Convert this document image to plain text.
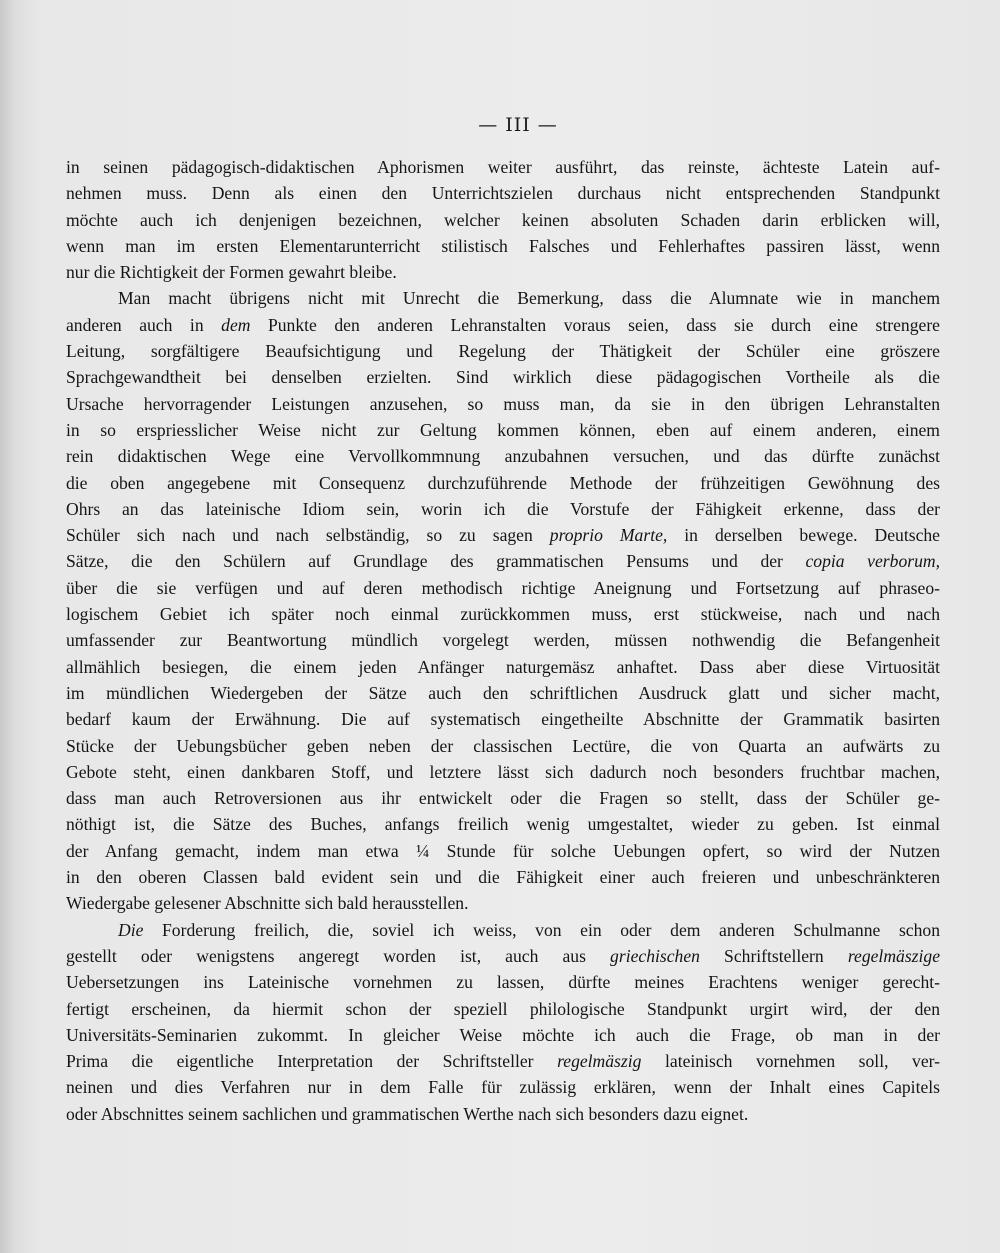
— III —
in seinen pädagogisch-didaktischen Aphorismen weiter ausführt, das reinste, ächteste Latein auf-
nehmen muss. Denn als einen den Unterrichtszielen durchaus nicht entsprechenden Standpunkt
möchte auch ich denjenigen bezeichnen, welcher keinen absoluten Schaden darin erblicken will,
wenn man im ersten Elementarunterricht stilistisch Falsches und Fehlerhaftes passiren lässt, wenn
nur die Richtigkeit der Formen gewahrt bleibe.
Man macht übrigens nicht mit Unrecht die Bemerkung, dass die Alumnate wie in manchem
anderen auch in dem Punkte den anderen Lehranstalten voraus seien, dass sie durch eine strengere
Leitung, sorgfältigere Beaufsichtigung und Regelung der Thätigkeit der Schüler eine gröszere
Sprachgewandtheit bei denselben erzielten. Sind wirklich diese pädagogischen Vortheile als die
Ursache hervorragender Leistungen anzusehen, so muss man, da sie in den übrigen Lehranstalten
in so erspriesslicher Weise nicht zur Geltung kommen können, eben auf einem anderen, einem
rein didaktischen Wege eine Vervollkommnung anzubahnen versuchen, und das dürfte zunächst
die oben angegebene mit Consequenz durchzuführende Methode der frühzeitigen Gewöhnung des
Ohrs an das lateinische Idiom sein, worin ich die Vorstufe der Fähigkeit erkenne, dass der
Schüler sich nach und nach selbständig, so zu sagen proprio Marte, in derselben bewege. Deutsche
Sätze, die den Schülern auf Grundlage des grammatischen Pensums und der copia verborum,
über die sie verfügen und auf deren methodisch richtige Aneignung und Fortsetzung auf phraseo-
logischem Gebiet ich später noch einmal zurückkommen muss, erst stückweise, nach und nach
umfassender zur Beantwortung mündlich vorgelegt werden, müssen nothwendig die Befangenheit
allmählich besiegen, die einem jeden Anfänger naturgemäsz anhaftet. Dass aber diese Virtuosität
im mündlichen Wiedergeben der Sätze auch den schriftlichen Ausdruck glatt und sicher macht,
bedarf kaum der Erwähnung. Die auf systematisch eingetheilte Abschnitte der Grammatik basirten
Stücke der Uebungsbücher geben neben der classischen Lectüre, die von Quarta an aufwärts zu
Gebote steht, einen dankbaren Stoff, und letztere lässt sich dadurch noch besonders fruchtbar machen,
dass man auch Retroversionen aus ihr entwickelt oder die Fragen so stellt, dass der Schüler ge-
nöthigt ist, die Sätze des Buches, anfangs freilich wenig umgestaltet, wieder zu geben. Ist einmal
der Anfang gemacht, indem man etwa ¼ Stunde für solche Uebungen opfert, so wird der Nutzen
in den oberen Classen bald evident sein und die Fähigkeit einer auch freieren und unbeschränkteren
Wiedergabe gelesener Abschnitte sich bald herausstellen.
Die Forderung freilich, die, soviel ich weiss, von ein oder dem anderen Schulmanne schon
gestellt oder wenigstens angeregt worden ist, auch aus griechischen Schriftstellern regelmäszige
Uebersetzungen ins Lateinische vornehmen zu lassen, dürfte meines Erachtens weniger gerecht-
fertigt erscheinen, da hiermit schon der speziell philologische Standpunkt urgirt wird, der den
Universitäts-Seminarien zukommt. In gleicher Weise möchte ich auch die Frage, ob man in der
Prima die eigentliche Interpretation der Schriftsteller regelmäszig lateinisch vornehmen soll, ver-
neinen und dies Verfahren nur in dem Falle für zulässig erklären, wenn der Inhalt eines Capitels
oder Abschnittes seinem sachlichen und grammatischen Werthe nach sich besonders dazu eignet.
